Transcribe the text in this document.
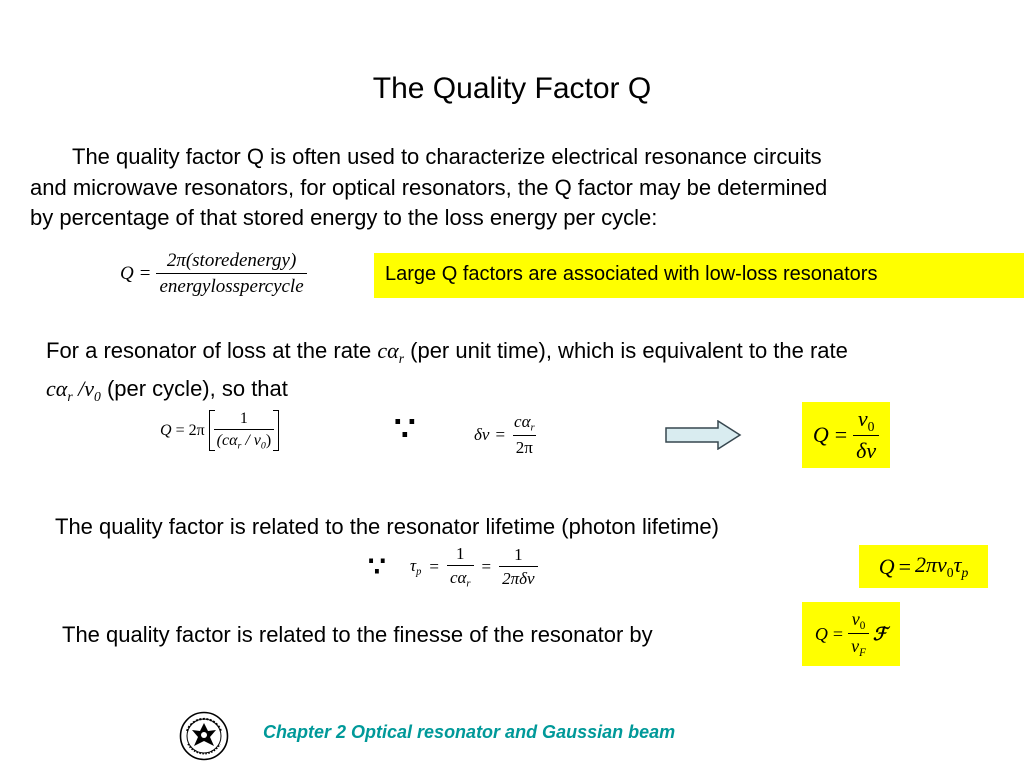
The Quality Factor Q
The quality factor Q is often used to characterize electrical resonance circuits
and microwave resonators, for optical resonators, the Q factor may be determined
by percentage of that stored energy to the loss energy per cycle:
$Q = \frac{\text{2π(storedenergy)}}{\text{energylosspercycle}}$	Large Q factors are associated with low-loss resonators
For a resonator of loss at the rate $c\alpha_r$ (per unit time), which is equivalent to the rate
$c\alpha_r$ $/\nu_0$ (per cycle), so that
$Q = 2\pi \frac{1}{(c\alpha_r / \nu_0)}$	∵	$\delta\nu = \frac{c\alpha_r}{2\pi}$	$Q = \frac{\nu_0}{\delta\nu}$
The quality factor is related to the resonator lifetime (photon lifetime)
∵ $\tau_p = \frac{1}{c\alpha_r} = \frac{1}{\text{2πδν}}$	$Q = 2\pi\nu_0\tau_p$
The quality factor is related to the finesse of the resonator by	$Q = \frac{\nu_0}{\nu_F}$ ℱ
Chapter 2 Optical resonator and Gaussian beam
